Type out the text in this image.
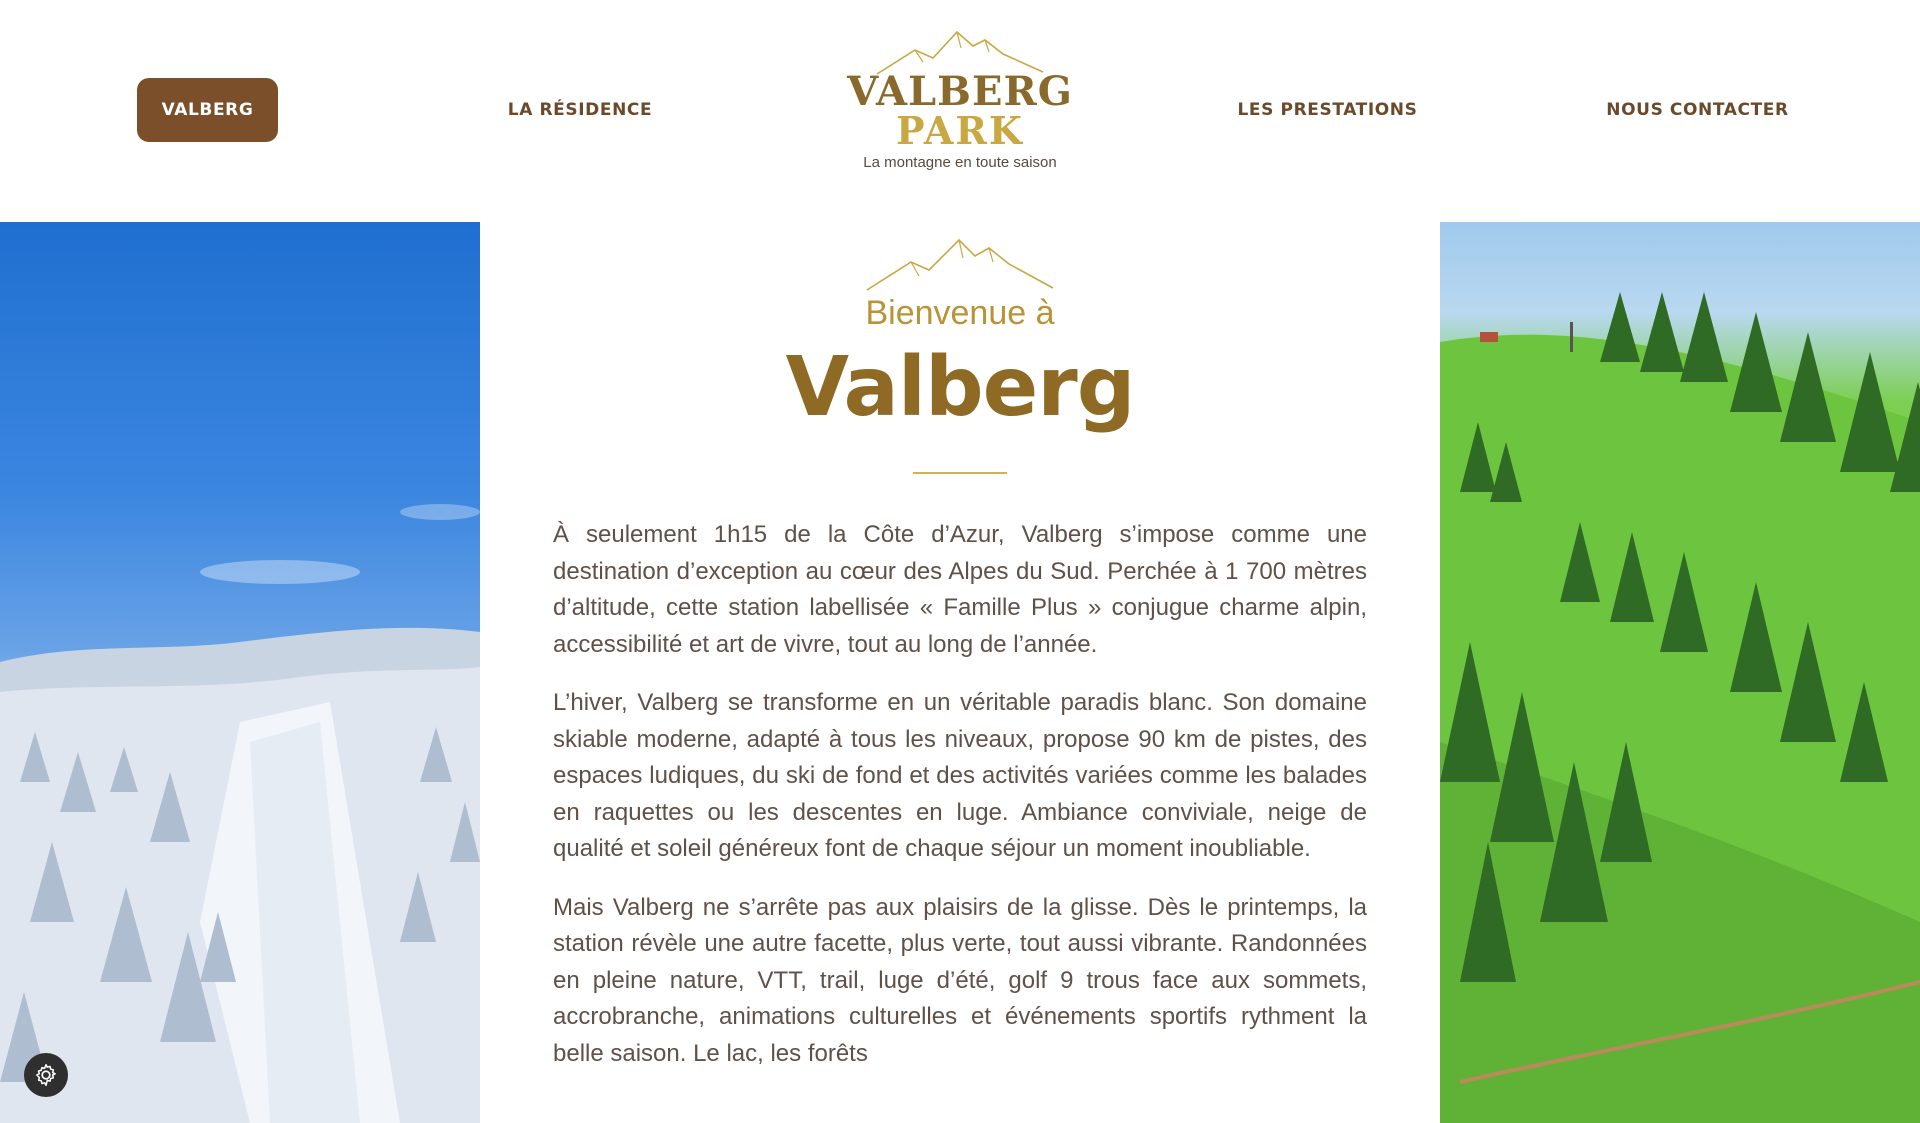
VALBERG	LA RÉSIDENCE	VALBERG
PARK
La montagne en toute saison
LES PRESTATIONS	NOUS CONTACTER
Bienvenue à
Valberg

À seulement 1h15 de la Côte d’Azur, Valberg s’impose comme une destination d’exception au cœur des Alpes du Sud. Perchée à 1 700 mètres d’altitude, cette station labellisée « Famille Plus » conjugue charme alpin, accessibilité et art de vivre, tout au long de l’année.

L’hiver, Valberg se transforme en un véritable paradis blanc. Son domaine skiable moderne, adapté à tous les niveaux, propose 90 km de pistes, des espaces ludiques, du ski de fond et des activités variées comme les balades en raquettes ou les descentes en luge. Ambiance conviviale, neige de qualité et soleil généreux font de chaque séjour un moment inoubliable.

Mais Valberg ne s’arrête pas aux plaisirs de la glisse. Dès le printemps, la station révèle une autre facette, plus verte, tout aussi vibrante. Randonnées en pleine nature, VTT, trail, luge d’été, golf 9 trous face aux sommets, accrobranche, animations culturelles et événements sportifs rythment la belle saison. Le lac, les forêts
